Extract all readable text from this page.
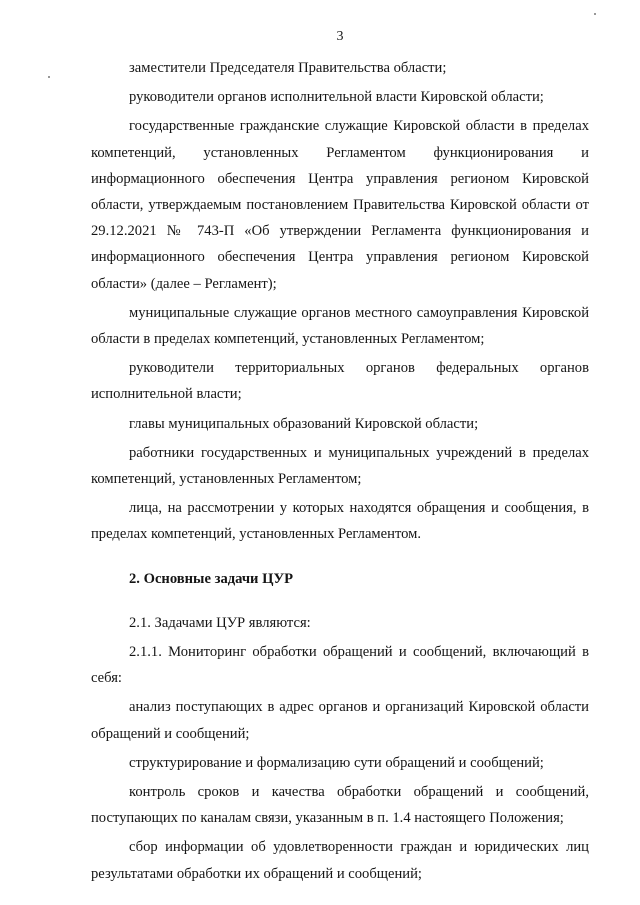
3

заместители Председателя Правительства области;

руководители органов исполнительной власти Кировской области;

государственные гражданские служащие Кировской области в пределах компетенций, установленных Регламентом функционирования и информационного обеспечения Центра управления регионом Кировской области, утверждаемым постановлением Правительства Кировской области от 29.12.2021 № 743-П «Об утверждении Регламента функционирования и информационного обеспечения Центра управления регионом Кировской области» (далее – Регламент);

муниципальные служащие органов местного самоуправления Кировской области в пределах компетенций, установленных Регламентом;

руководители территориальных органов федеральных органов исполнительной власти;

главы муниципальных образований Кировской области;

работники государственных и муниципальных учреждений в пределах компетенций, установленных Регламентом;

лица, на рассмотрении у которых находятся обращения и сообщения, в пределах компетенций, установленных Регламентом.

2. Основные задачи ЦУР

2.1. Задачами ЦУР являются:

2.1.1. Мониторинг обработки обращений и сообщений, включающий в себя:

анализ поступающих в адрес органов и организаций Кировской области обращений и сообщений;

структурирование и формализацию сути обращений и сообщений;

контроль сроков и качества обработки обращений и сообщений, поступающих по каналам связи, указанным в п. 1.4 настоящего Положения;

сбор информации об удовлетворенности граждан и юридических лиц результатами обработки их обращений и сообщений;
